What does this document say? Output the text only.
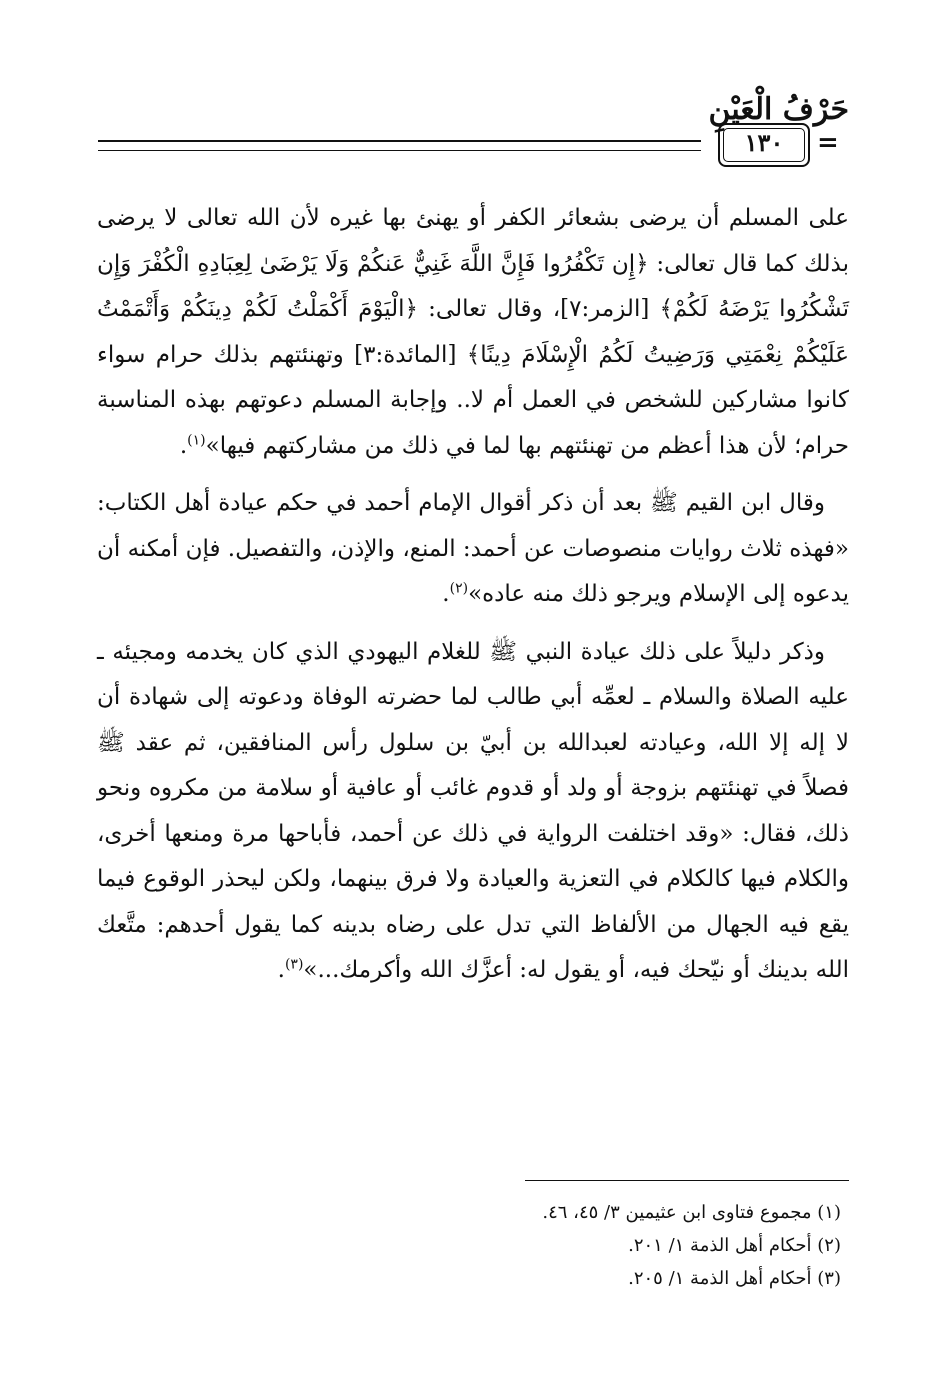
حَرْفُ الْعَيْنِ
١٣٠	=

على المسلم أن يرضى بشعائر الكفر أو يهنئ بها غيره لأن الله تعالى لا يرضى بذلك كما قال تعالى: ﴿إِن تَكْفُرُوا فَإِنَّ اللَّهَ غَنِيٌّ عَنكُمْ وَلَا يَرْضَىٰ لِعِبَادِهِ الْكُفْرَ وَإِن تَشْكُرُوا يَرْضَهُ لَكُمْ﴾ [الزمر:٧]، وقال تعالى: ﴿الْيَوْمَ أَكْمَلْتُ لَكُمْ دِينَكُمْ وَأَتْمَمْتُ عَلَيْكُمْ نِعْمَتِي وَرَضِيتُ لَكُمُ الْإِسْلَامَ دِينًا﴾ [المائدة:٣] وتهنئتهم بذلك حرام سواء كانوا مشاركين للشخص في العمل أم لا.. وإجابة المسلم دعوتهم بهذه المناسبة حرام؛ لأن هذا أعظم من تهنئتهم بها لما في ذلك من مشاركتهم فيها»$^{(١)}$.

وقال ابن القيم ﷺ بعد أن ذكر أقوال الإمام أحمد في حكم عيادة أهل الكتاب: «فهذه ثلاث روايات منصوصات عن أحمد: المنع، والإذن، والتفصيل. فإن أمكنه أن يدعوه إلى الإسلام ويرجو ذلك منه عاده»$^{(٢)}$.

وذكر دليلاً على ذلك عيادة النبي ﷺ للغلام اليهودي الذي كان يخدمه ومجيئه ـ عليه الصلاة والسلام ـ لعمِّه أبي طالب لما حضرته الوفاة ودعوته إلى شهادة أن لا إله إلا الله، وعيادته لعبدالله بن أبيّ بن سلول رأس المنافقين، ثم عقد ﷺ فصلاً في تهنئتهم بزوجة أو ولد أو قدوم غائب أو عافية أو سلامة من مكروه ونحو ذلك، فقال: «وقد اختلفت الرواية في ذلك عن أحمد، فأباحها مرة ومنعها أخرى، والكلام فيها كالكلام في التعزية والعيادة ولا فرق بينهما، ولكن ليحذر الوقوع فيما يقع فيه الجهال من الألفاظ التي تدل على رضاه بدينه كما يقول أحدهم: متَّعك الله بدينك أو نيّحك فيه، أو يقول له: أعزَّك الله وأكرمك...»$^{(٣)}$.

(١) مجموع فتاوى ابن عثيمين ٣/ ٤٥، ٤٦.
(٢) أحكام أهل الذمة ١/ ٢٠١.
(٣) أحكام أهل الذمة ١/ ٢٠٥.
